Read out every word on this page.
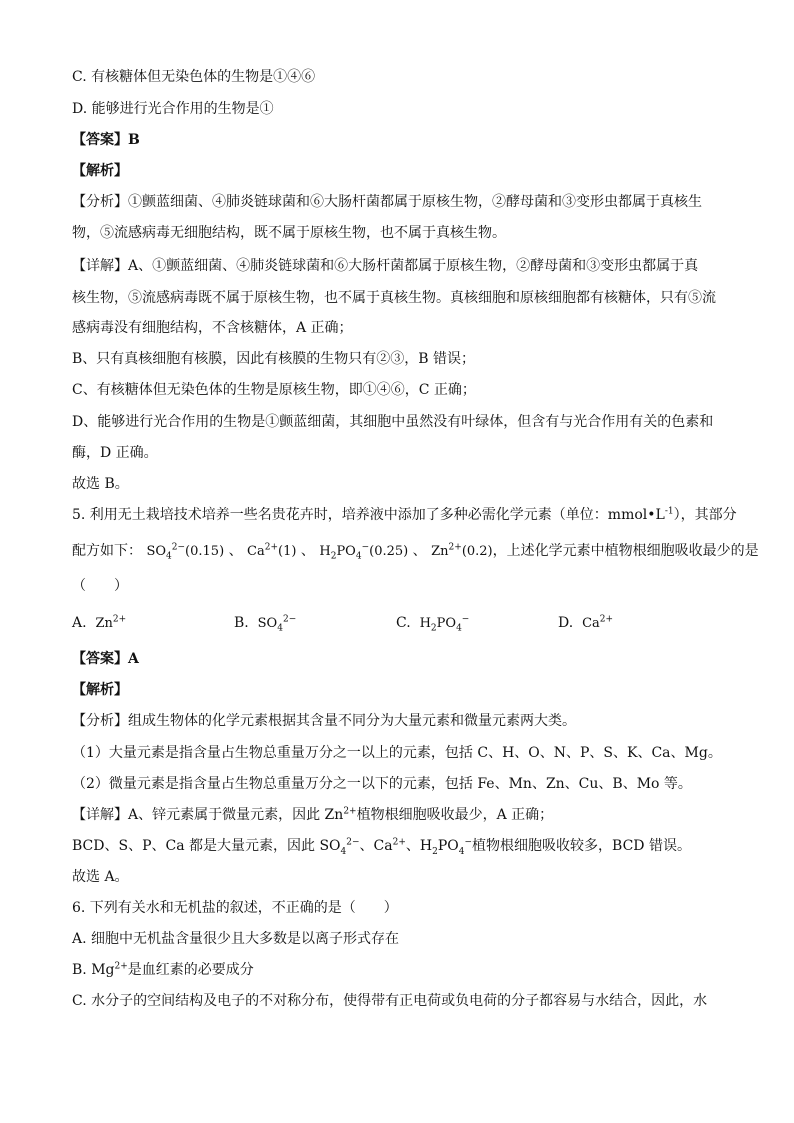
C. 有核糖体但无染色体的生物是①④⑥
D. 能够进行光合作用的生物是①
【答案】B
【解析】
【分析】①颤蓝细菌、④肺炎链球菌和⑥大肠杆菌都属于原核生物，②酵母菌和③变形虫都属于真核生
物，⑤流感病毒无细胞结构，既不属于原核生物，也不属于真核生物。
【详解】A、①颤蓝细菌、④肺炎链球菌和⑥大肠杆菌都属于原核生物，②酵母菌和③变形虫都属于真
核生物，⑤流感病毒既不属于原核生物，也不属于真核生物。真核细胞和原核细胞都有核糖体，只有⑤流
感病毒没有细胞结构，不含核糖体，A 正确；
B、只有真核细胞有核膜，因此有核膜的生物只有②③，B 错误；
C、有核糖体但无染色体的生物是原核生物，即①④⑥，C 正确；
D、能够进行光合作用的生物是①颤蓝细菌，其细胞中虽然没有叶绿体，但含有与光合作用有关的色素和
酶，D 正确。
故选 B。
5. 利用无土栽培技术培养一些名贵花卉时，培养液中添加了多种必需化学元素（单位：$mmol•L^{-1}$），其部分
配方如下： $SO_4^{2-}(0.15)$ 、 $Ca^{2+}(1)$ 、 $H_2PO_4^-(0.25)$ 、 $Zn^{2+}(0.2)$，上述化学元素中植物根细胞吸收最少的是
（　　）
A. $Zn^{2+}$	B. $SO_4^{2-}$	C. $H_2PO_4^-$	D. $Ca^{2+}$
【答案】A
【解析】
【分析】组成生物体的化学元素根据其含量不同分为大量元素和微量元素两大类。
（1）大量元素是指含量占生物总重量万分之一以上的元素，包括 C、H、O、N、P、S、K、Ca、Mg。
（2）微量元素是指含量占生物总重量万分之一以下的元素，包括 Fe、Mn、Zn、Cu、B、Mo 等。
【详解】A、锌元素属于微量元素，因此 $Zn^{2+}$植物根细胞吸收最少，A 正确；
BCD、S、P、Ca 都是大量元素，因此 $SO_4^{2-}$、$Ca^{2+}$、$H_2PO_4^-$植物根细胞吸收较多，BCD 错误。
故选 A。
6. 下列有关水和无机盐的叙述，不正确的是（　　）
A. 细胞中无机盐含量很少且大多数是以离子形式存在
B. $Mg^{2+}$是血红素的必要成分
C. 水分子的空间结构及电子的不对称分布，使得带有正电荷或负电荷的分子都容易与水结合，因此，水
